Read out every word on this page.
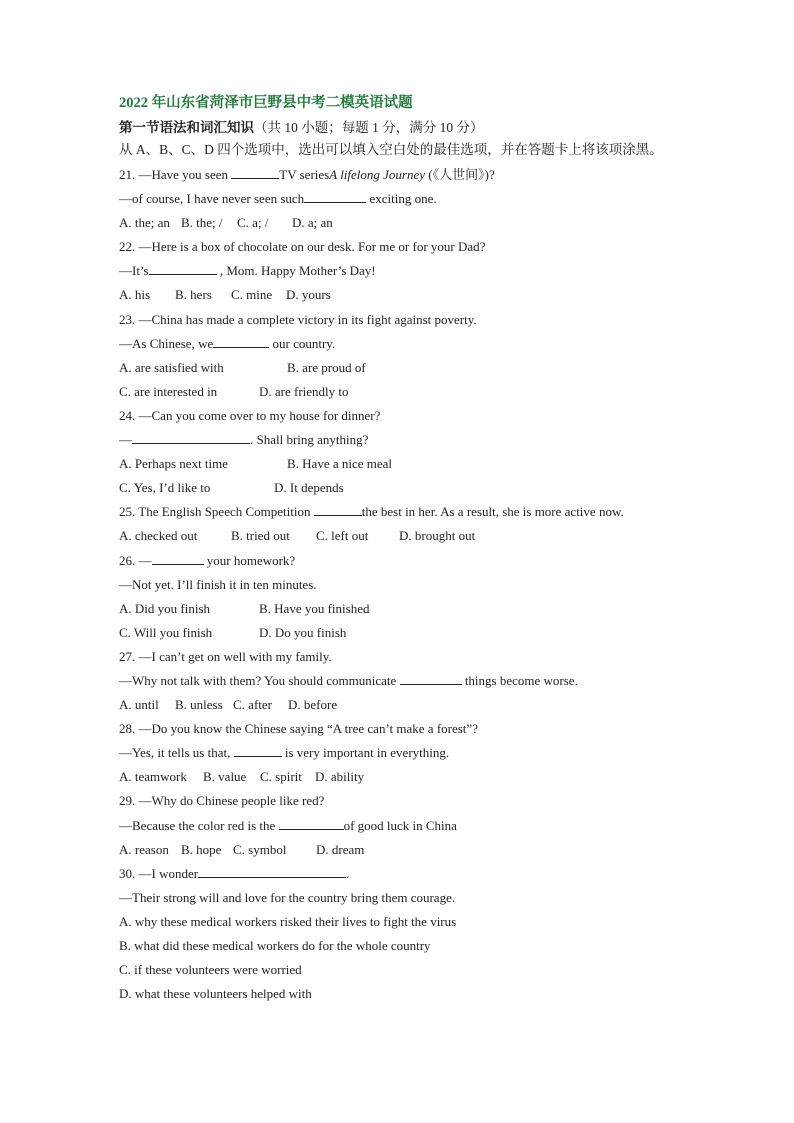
2022 年山东省菏泽市巨野县中考二模英语试题
第一节语法和词汇知识（共 10 小题；每题 1 分，满分 10 分）
从 A、B、C、D 四个选项中，选出可以填入空白处的最佳选项，并在答题卡上将该项涂黑。
21. —Have you seen	TV seriesA lifelong Journey (《人世间》)?
—of course, I have never seen such	exciting one.
A. the; an B. the; / C. a; / D. a; an
22. —Here is a box of chocolate on our desk. For me or for your Dad?
—It’s	, Mom. Happy Mother’s Day!
A. his B. hers C. mine D. yours
23. —China has made a complete victory in its fight against poverty.
—As Chinese, we	our country.
A. are satisfied with	B. are proud of
C. are interested in	D. are friendly to
24. —Can you come over to my house for dinner?
—	. Shall bring anything?
A. Perhaps next time	B. Have a nice meal
C. Yes, I’d like to	D. It depends
25. The English Speech Competition	the best in her. As a result, she is more active now.
A. checked out	B. tried out C. left out D. brought out
26. —	your homework?
—Not yet. I’ll finish it in ten minutes.
A. Did you finish	B. Have you finished
C. Will you finish	D. Do you finish
27. —I can’t get on well with my family.
—Why not talk with them? You should communicate	things become worse.
A. until B. unless C. after D. before
28. —Do you know the Chinese saying “A tree can’t make a forest”?
—Yes, it tells us that,	is very important in everything.
A. teamwork B. value C. spirit D. ability
29. —Why do Chinese people like red?
—Because the color red is the	of good luck in China
A. reason B. hope C. symbol D. dream
30. —I wonder	.
—Their strong will and love for the country bring them courage.
A. why these medical workers risked their lives to fight the virus
B. what did these medical workers do for the whole country
C. if these volunteers were worried
D. what these volunteers helped with
